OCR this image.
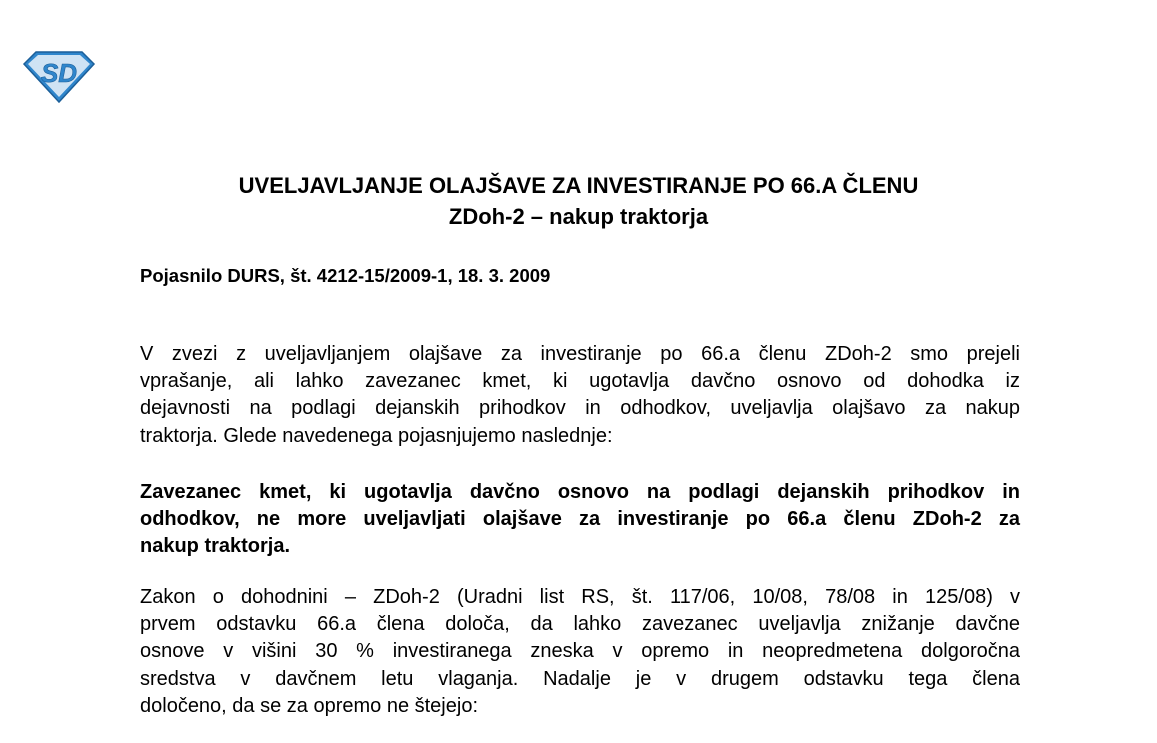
SD
UVELJAVLJANJE OLAJŠAVE ZA INVESTIRANJE PO 66.A ČLENU
ZDoh-2 – nakup traktorja

Pojasnilo DURS, št. 4212-15/2009-1, 18. 3. 2009

V zvezi z uveljavljanjem olajšave za investiranje po 66.a členu ZDoh-2 smo prejeli
vprašanje, ali lahko zavezanec kmet, ki ugotavlja davčno osnovo od dohodka iz
dejavnosti na podlagi dejanskih prihodkov in odhodkov, uveljavlja olajšavo za nakup
traktorja. Glede navedenega pojasnjujemo naslednje:

Zavezanec kmet, ki ugotavlja davčno osnovo na podlagi dejanskih prihodkov in
odhodkov, ne more uveljavljati olajšave za investiranje po 66.a členu ZDoh-2 za
nakup traktorja.

Zakon o dohodnini – ZDoh-2 (Uradni list RS, št. 117/06, 10/08, 78/08 in 125/08) v
prvem odstavku 66.a člena določa, da lahko zavezanec uveljavlja znižanje davčne
osnove v višini 30 % investiranega zneska v opremo in neopredmetena dolgoročna
sredstva v davčnem letu vlaganja. Nadalje je v drugem odstavku tega člena
določeno, da se za opremo ne štejejo:
